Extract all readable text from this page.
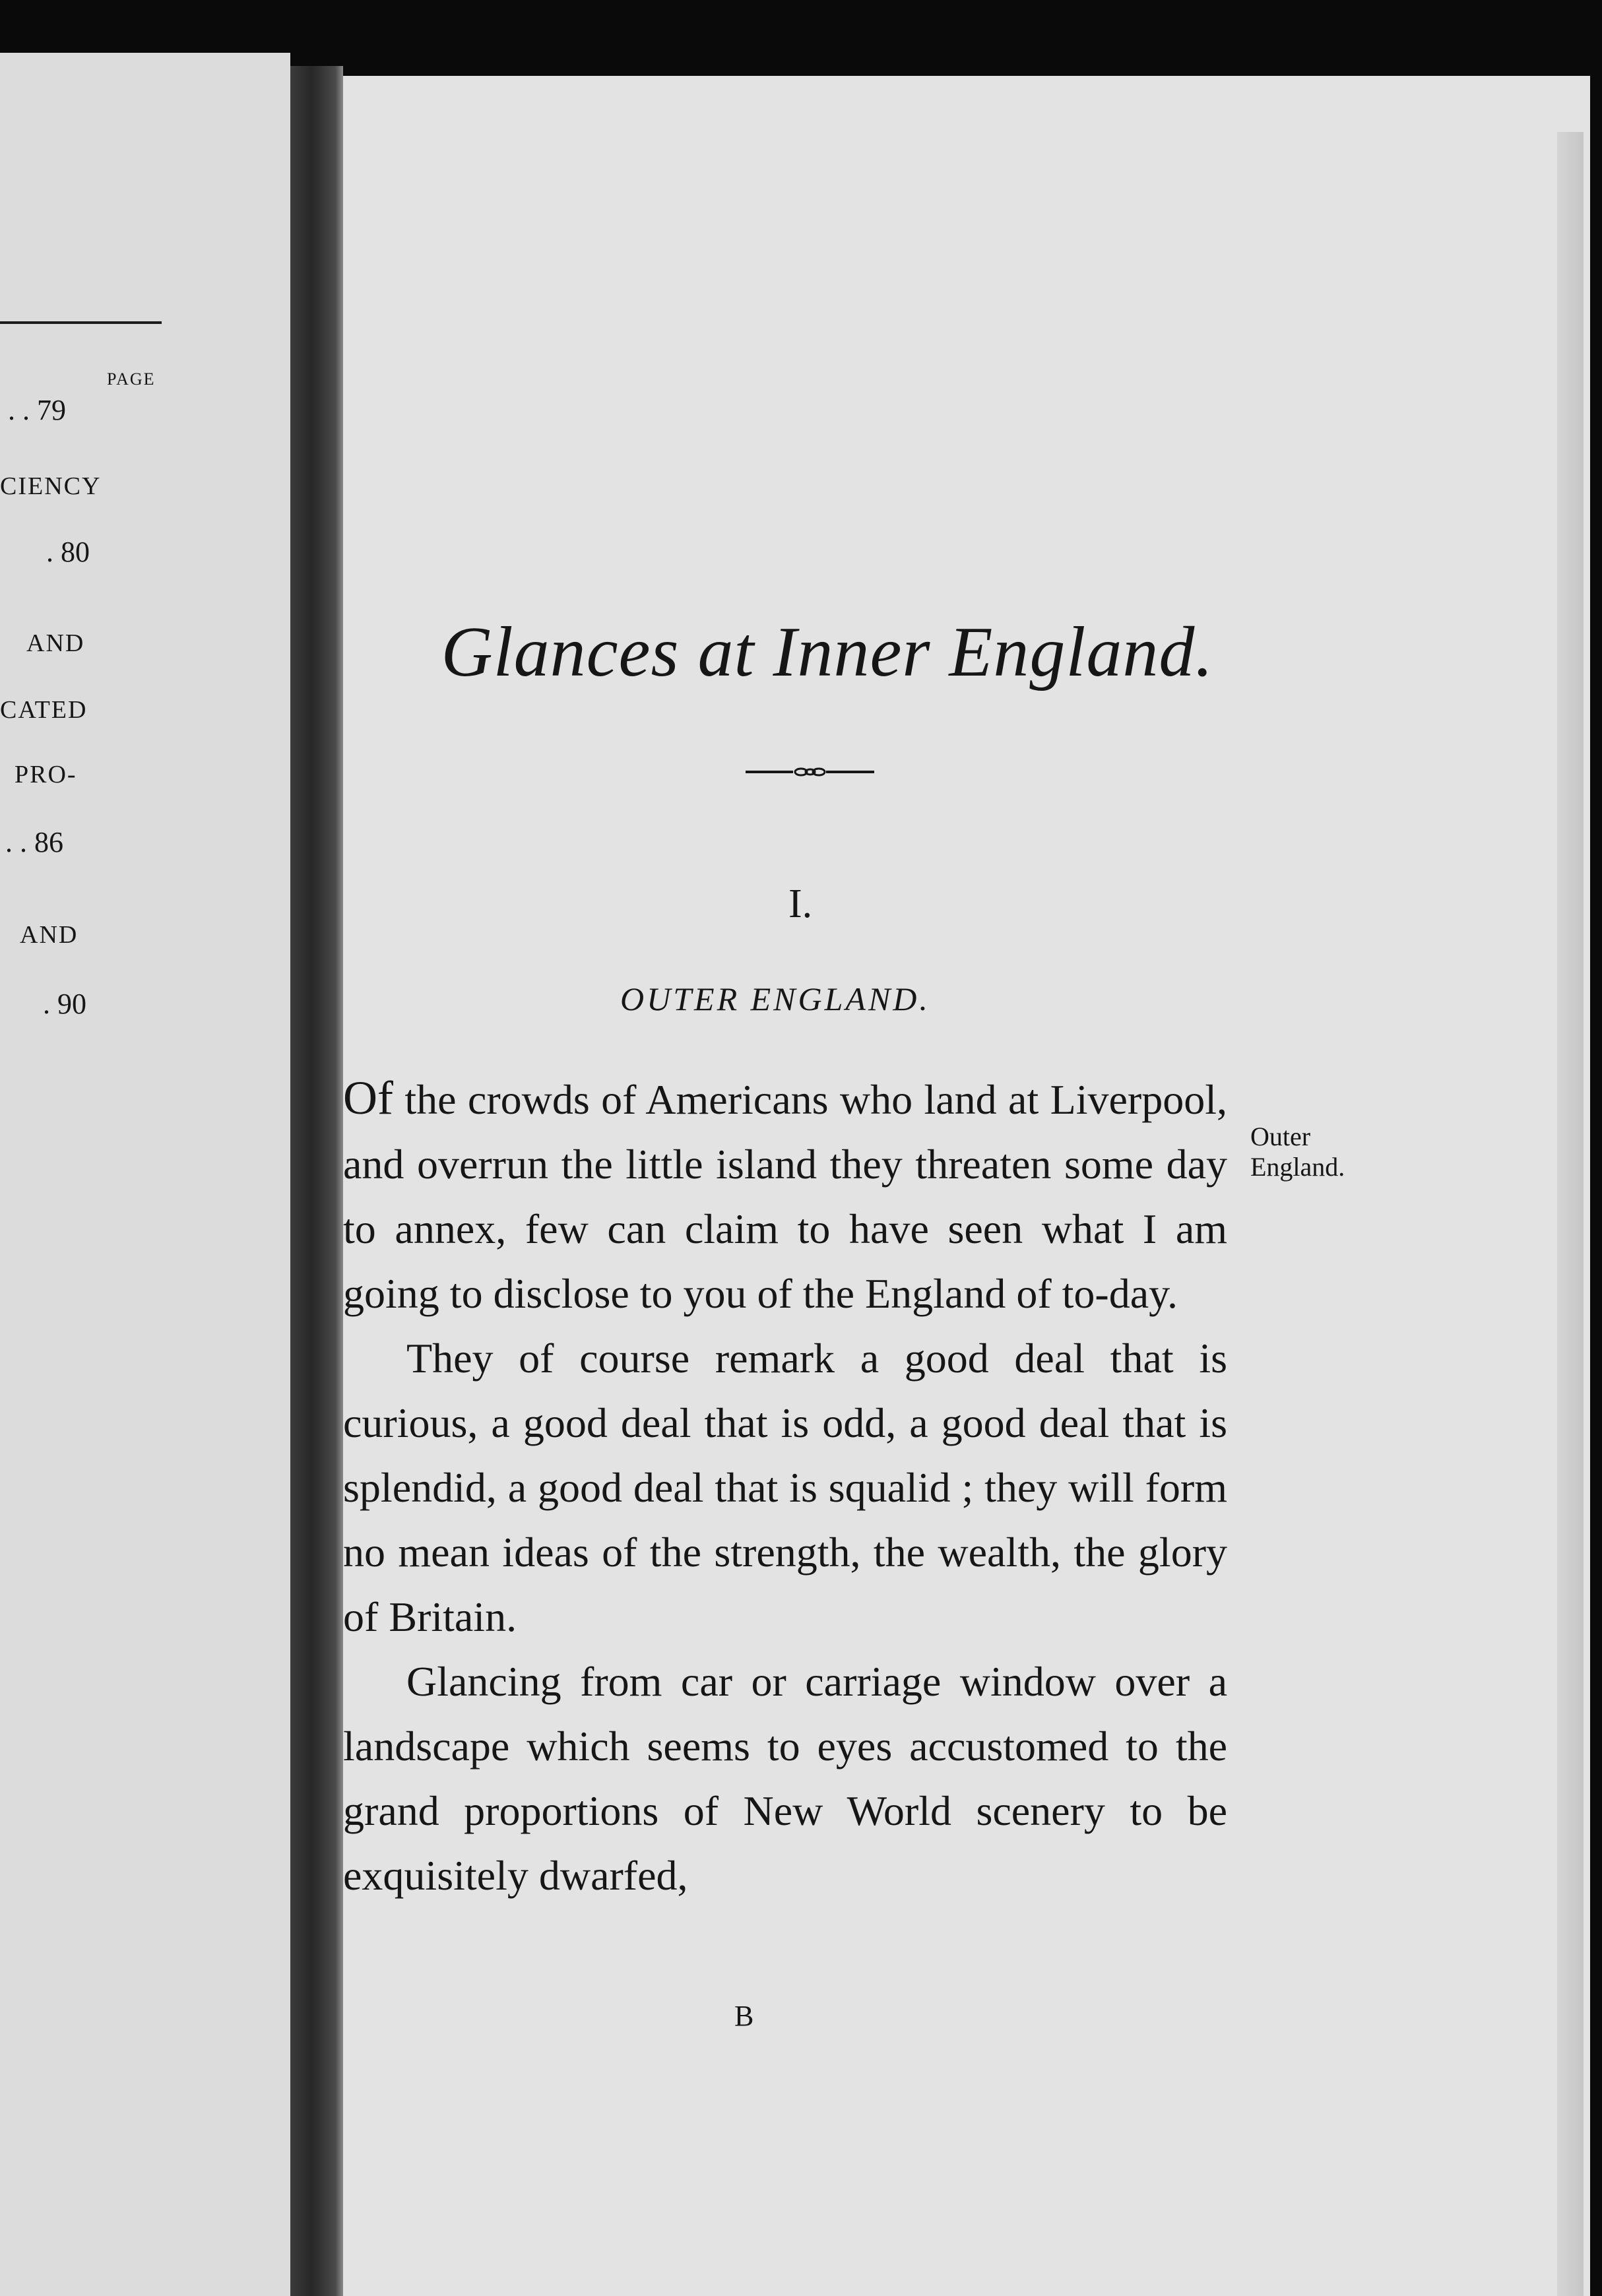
PAGE
. . 79
CIENCY
. 80
AND
CATED
PRO-
. . 86
AND
. 90
Glances at Inner England.
I.
OUTER ENGLAND.

Of the crowds of Americans who land at Liverpool, and overrun the little island they threaten some day to annex, few can claim to have seen what I am going to disclose to you of the England of to-day.

They of course remark a good deal that is curious, a good deal that is odd, a good deal that is splendid, a good deal that is squalid ; they will form no mean ideas of the strength, the wealth, the glory of Britain.

Glancing from car or carriage window over a landscape which seems to eyes accustomed to the grand proportions of New World scenery to be exquisitely dwarfed,

Outer
England.
B
